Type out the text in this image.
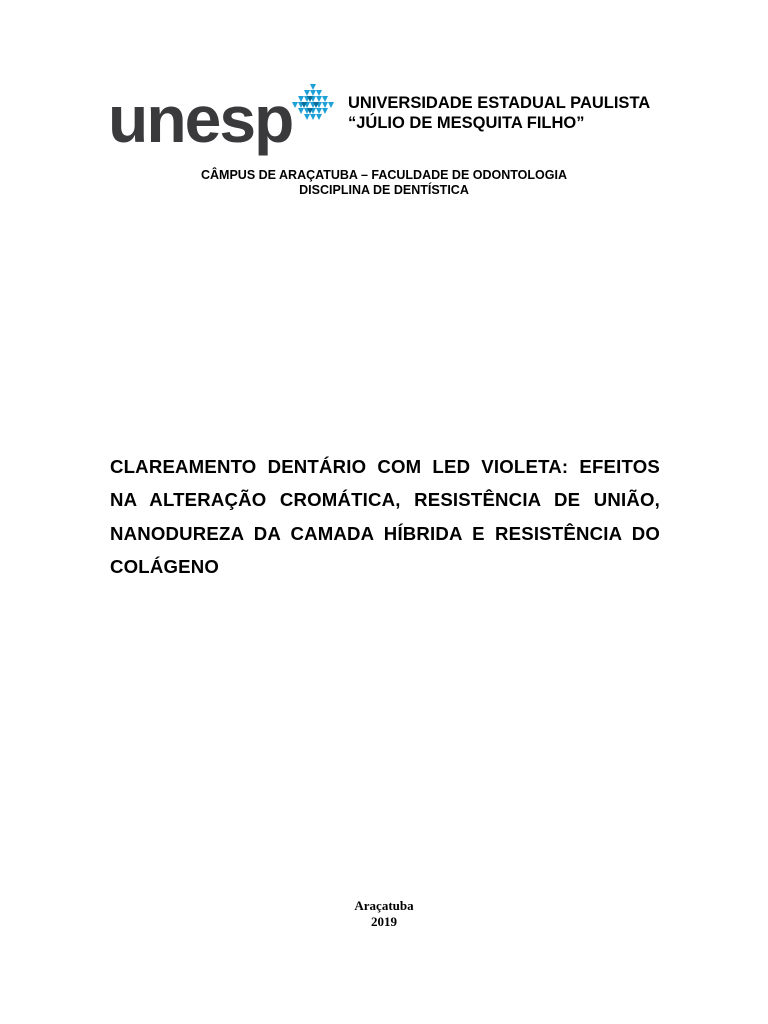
unesp	UNIVERSIDADE ESTADUAL PAULISTA
“JÚLIO DE MESQUITA FILHO”
CÂMPUS DE ARAÇATUBA – FACULDADE DE ODONTOLOGIA
DISCIPLINA DE DENTÍSTICA
CLAREAMENTO DENTÁRIO COM LED VIOLETA: EFEITOS NA ALTERAÇÃO CROMÁTICA, RESISTÊNCIA DE UNIÃO, NANODUREZA DA CAMADA HÍBRIDA E RESISTÊNCIA DO COLÁGENO
Araçatuba
2019
